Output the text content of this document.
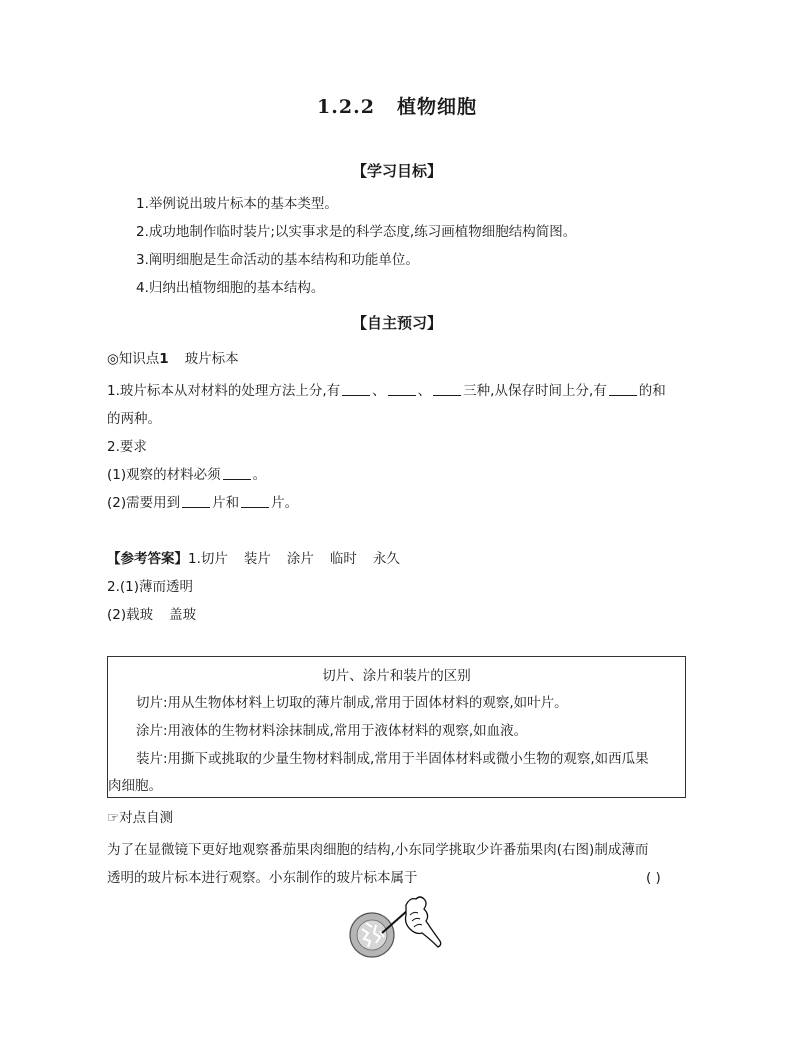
1.2.2 植物细胞
【学习目标】
1.举例说出玻片标本的基本类型。
2.成功地制作临时装片;以实事求是的科学态度,练习画植物细胞结构简图。
3.阐明细胞是生命活动的基本结构和功能单位。
4.归纳出植物细胞的基本结构。
【自主预习】
◎知识点1 玻片标本
1.玻片标本从对材料的处理方法上分,有 、 、 三种,从保存时间上分,有 的和
的两种。
2.要求
(1)观察的材料必须 。
(2)需要用到 片和 片。
【参考答案】1.切片 装片 涂片 临时 永久
2.(1)薄而透明
(2)载玻 盖玻
切片、涂片和装片的区别
切片:用从生物体材料上切取的薄片制成,常用于固体材料的观察,如叶片。
涂片:用液体的生物材料涂抹制成,常用于液体材料的观察,如血液。
装片:用撕下或挑取的少量生物材料制成,常用于半固体材料或微小生物的观察,如西瓜果
肉细胞。
☞对点自测
为了在显微镜下更好地观察番茄果肉细胞的结构,小东同学挑取少许番茄果肉(右图)制成薄而
透明的玻片标本进行观察。小东制作的玻片标本属于	( )
